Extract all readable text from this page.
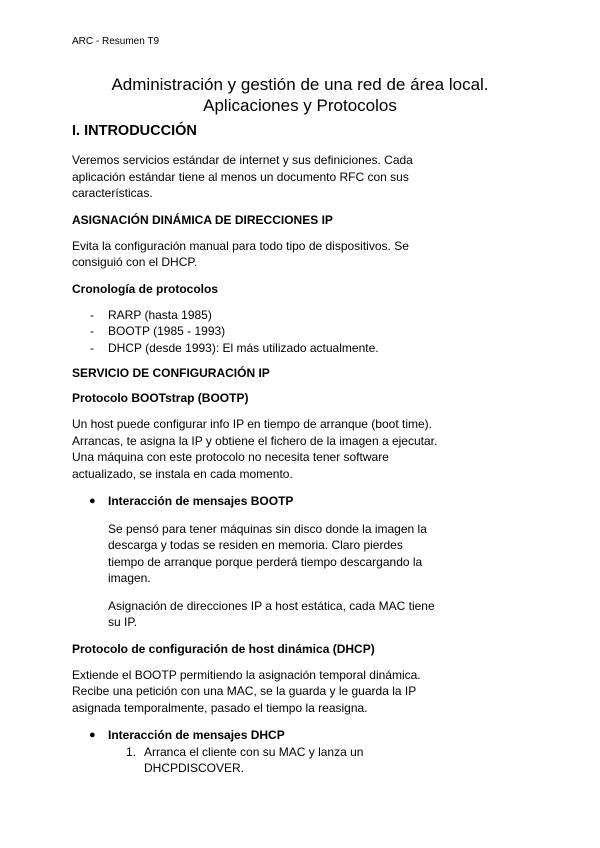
ARC - Resumen T9
Administración y gestión de una red de área local.
Aplicaciones y Protocolos
I. INTRODUCCIÓN

Veremos servicios estándar de internet y sus definiciones. Cada aplicación estándar tiene al menos un documento RFC con sus características.

ASIGNACIÓN DINÁMICA DE DIRECCIONES IP

Evita la configuración manual para todo tipo de dispositivos. Se consiguió con el DHCP.

Cronología de protocolos
- RARP (hasta 1985)
- BOOTP (1985 - 1993)
- DHCP (desde 1993): El más utilizado actualmente.
SERVICIO DE CONFIGURACIÓN IP
Protocolo BOOTstrap (BOOTP)

Un host puede configurar info IP en tiempo de arranque (boot time). Arrancas, te asigna la IP y obtiene el fichero de la imagen a ejecutar. Una máquina con este protocolo no necesita tener software actualizado, se instala en cada momento.

● Interacción de mensajes BOOTP

Se pensó para tener máquinas sin disco donde la imagen la descarga y todas se residen en memoria. Claro pierdes tiempo de arranque porque perderá tiempo descargando la imagen.

Asignación de direcciones IP a host estática, cada MAC tiene su IP.

Protocolo de configuración de host dinámica (DHCP)

Extiende el BOOTP permitiendo la asignación temporal dinámica. Recibe una petición con una MAC, se la guarda y le guarda la IP asignada temporalmente, pasado el tiempo la reasigna.

● Interacción de mensajes DHCP
1. Arranca el cliente con su MAC y lanza un DHCPDISCOVER.
